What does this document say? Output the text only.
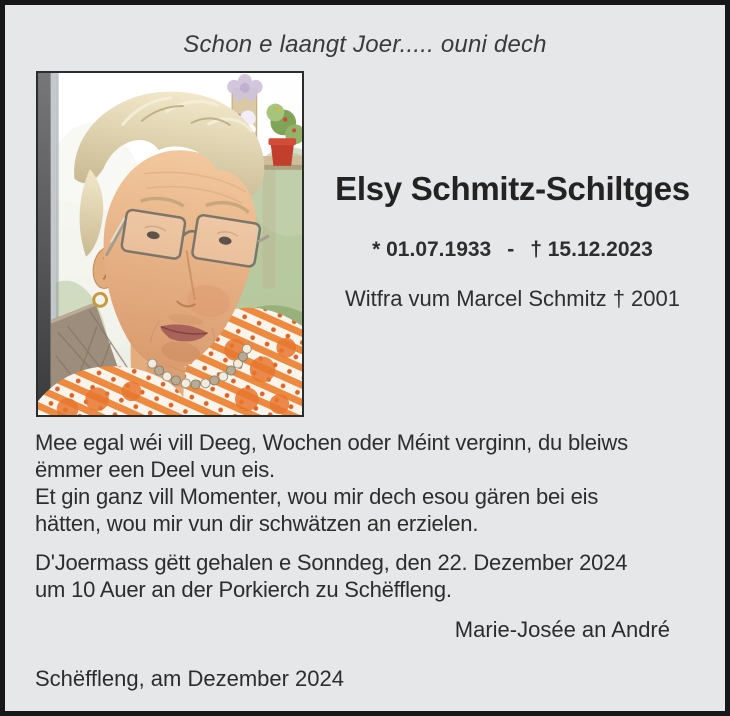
Schon e laangt Joer..... ouni dech
Elsy Schmitz-Schiltges
* 01.07.1933 - † 15.12.2023
Witfra vum Marcel Schmitz † 2001
Mee egal wéi vill Deeg, Wochen oder Méint verginn, du bleiws
ëmmer een Deel vun eis.
Et gin ganz vill Momenter, wou mir dech esou gären bei eis
hätten, wou mir vun dir schwätzen an erzielen.
D'Joermass gëtt gehalen e Sonndeg, den 22. Dezember 2024
um 10 Auer an der Porkierch zu Schëffleng.
Marie-Josée an André
Schëffleng, am Dezember 2024
